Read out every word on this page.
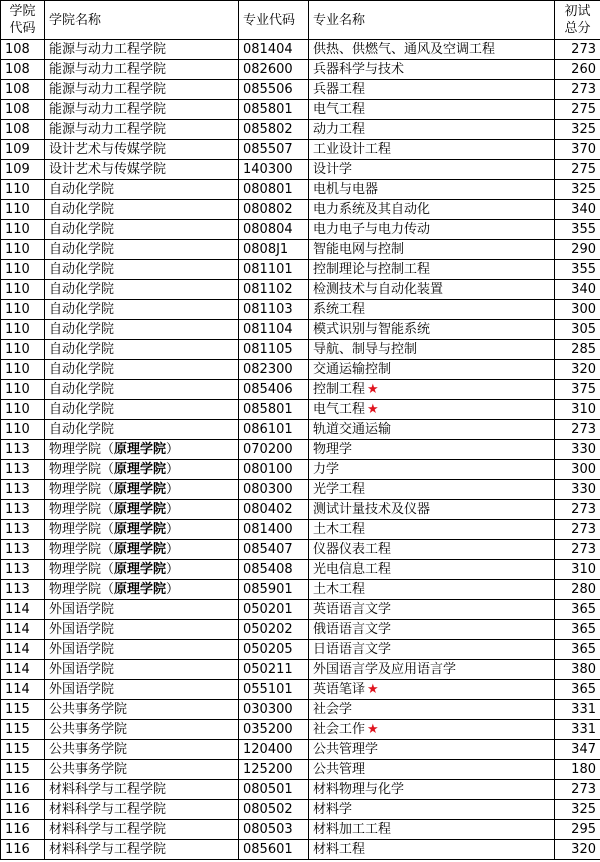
学院代码	学院名称	专业代码	专业名称	初试总分
108	能源与动力工程学院	081404	供热、供燃气、通风及空调工程	273
108	能源与动力工程学院	082600	兵器科学与技术	260
108	能源与动力工程学院	085506	兵器工程	273
108	能源与动力工程学院	085801	电气工程	275
108	能源与动力工程学院	085802	动力工程	325
109	设计艺术与传媒学院	085507	工业设计工程	370
109	设计艺术与传媒学院	140300	设计学	275
110	自动化学院	080801	电机与电器	325
110	自动化学院	080802	电力系统及其自动化	340
110	自动化学院	080804	电力电子与电力传动	355
110	自动化学院	0808J1	智能电网与控制	290
110	自动化学院	081101	控制理论与控制工程	355
110	自动化学院	081102	检测技术与自动化装置	340
110	自动化学院	081103	系统工程	300
110	自动化学院	081104	模式识别与智能系统	305
110	自动化学院	081105	导航、制导与控制	285
110	自动化学院	082300	交通运输控制	320
110	自动化学院	085406	控制工程 ★	375
110	自动化学院	085801	电气工程 ★	310
110	自动化学院	086101	轨道交通运输	273
113	物理学院（原理学院）	070200	物理学	330
113	物理学院（原理学院）	080100	力学	300
113	物理学院（原理学院）	080300	光学工程	330
113	物理学院（原理学院）	080402	测试计量技术及仪器	273
113	物理学院（原理学院）	081400	土木工程	273
113	物理学院（原理学院）	085407	仪器仪表工程	273
113	物理学院（原理学院）	085408	光电信息工程	310
113	物理学院（原理学院）	085901	土木工程	280
114	外国语学院	050201	英语语言文学	365
114	外国语学院	050202	俄语语言文学	365
114	外国语学院	050205	日语语言文学	365
114	外国语学院	050211	外国语言学及应用语言学	380
114	外国语学院	055101	英语笔译 ★	365
115	公共事务学院	030300	社会学	331
115	公共事务学院	035200	社会工作 ★	331
115	公共事务学院	120400	公共管理学	347
115	公共事务学院	125200	公共管理	180
116	材料科学与工程学院	080501	材料物理与化学	273
116	材料科学与工程学院	080502	材料学	325
116	材料科学与工程学院	080503	材料加工工程	295
116	材料科学与工程学院	085601	材料工程	320
